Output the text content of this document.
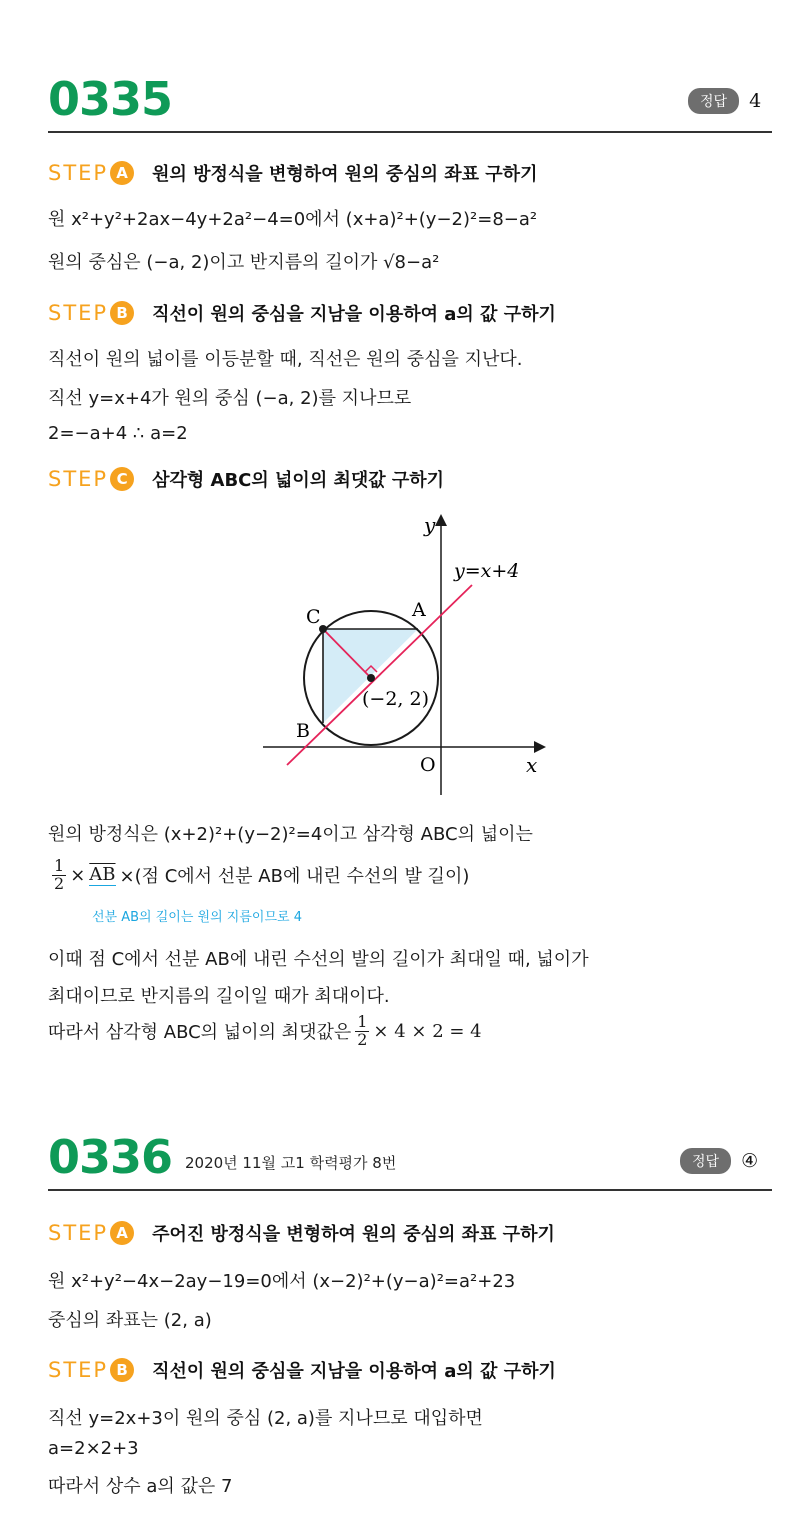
0335	정답	4
STEP A	원의 방정식을 변형하여 원의 중심의 좌표 구하기
원 x²+y²+2ax−4y+2a²−4=0에서 (x+a)²+(y−2)²=8−a²
원의 중심은 (−a, 2)이고 반지름의 길이가 √8−a²
STEP B	직선이 원의 중심을 지남을 이용하여 a의 값 구하기
직선이 원의 넓이를 이등분할 때, 직선은 원의 중심을 지난다.
직선 y=x+4가 원의 중심 (−a, 2)를 지나므로
2=−a+4 ∴ a=2
STEP C	삼각형 ABC의 넓이의 최댓값 구하기
y
x
O
y=x+4
A
B
C
(−2, 2)
원의 방정식은 (x+2)²+(y−2)²=4이고 삼각형 ABC의 넓이는
$\frac{1}{2} \times \overline{AB}$ ×(점 C에서 선분 AB에 내린 수선의 발 길이)
선분 AB의 길이는 원의 지름이므로 4
이때 점 C에서 선분 AB에 내린 수선의 발의 길이가 최대일 때, 넓이가
최대이므로 반지름의 길이일 때가 최대이다.
따라서 삼각형 ABC의 넓이의 최댓값은 $\frac{1}{2} \times 4 \times 2 = 4$
0336 2020년 11월 고1 학력평가 8번	정답	④
STEP A	주어진 방정식을 변형하여 원의 중심의 좌표 구하기
원 x²+y²−4x−2ay−19=0에서 (x−2)²+(y−a)²=a²+23
중심의 좌표는 (2, a)
STEP B	직선이 원의 중심을 지남을 이용하여 a의 값 구하기
직선 y=2x+3이 원의 중심 (2, a)를 지나므로 대입하면
a=2×2+3
따라서 상수 a의 값은 7
